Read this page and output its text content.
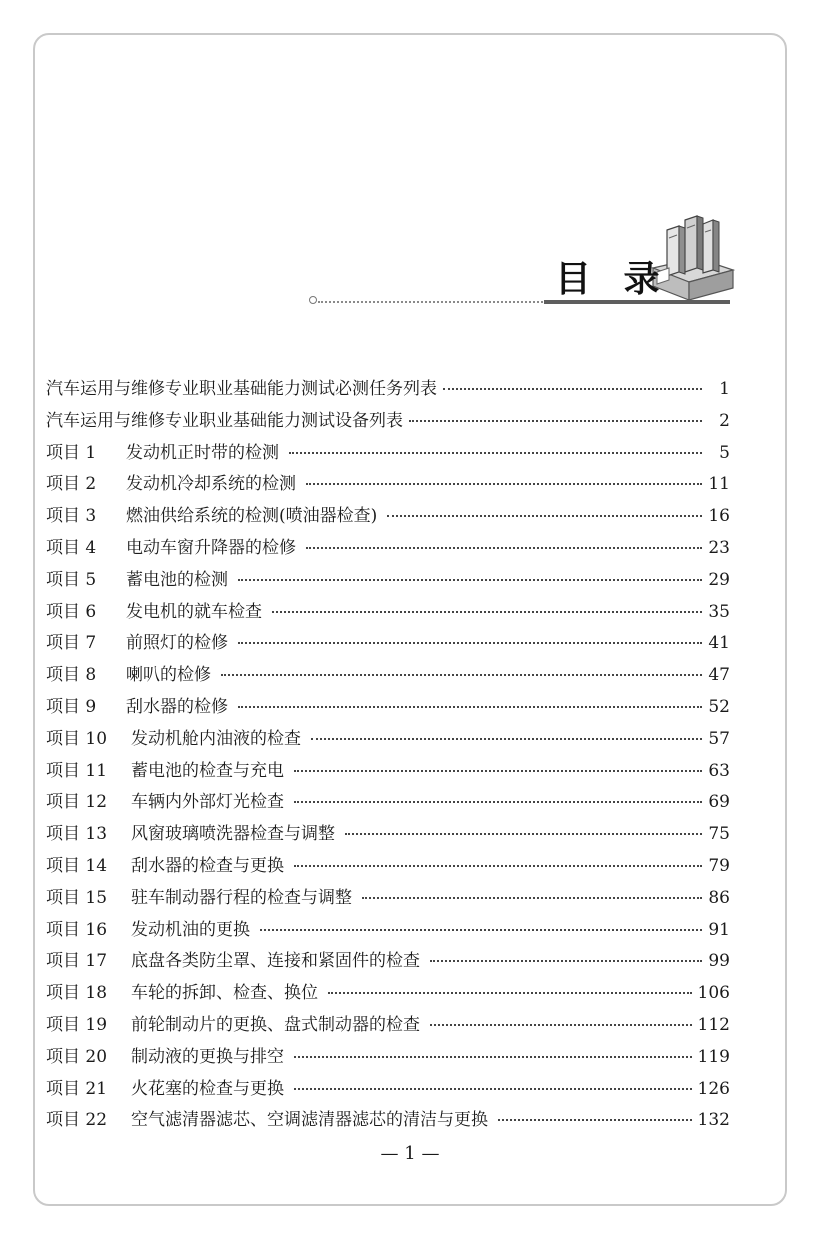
目 录
汽车运用与维修专业职业基础能力测试必测任务列表	1
汽车运用与维修专业职业基础能力测试设备列表	2
项目 1	发动机正时带的检测	5
项目 2	发动机冷却系统的检测	11
项目 3	燃油供给系统的检测(喷油器检查)	16
项目 4	电动车窗升降器的检修	23
项目 5	蓄电池的检测	29
项目 6	发电机的就车检查	35
项目 7	前照灯的检修	41
项目 8	喇叭的检修	47
项目 9	刮水器的检修	52
项目 10	发动机舱内油液的检查	57
项目 11	蓄电池的检查与充电	63
项目 12	车辆内外部灯光检查	69
项目 13	风窗玻璃喷洗器检查与调整	75
项目 14	刮水器的检查与更换	79
项目 15	驻车制动器行程的检查与调整	86
项目 16	发动机油的更换	91
项目 17	底盘各类防尘罩、连接和紧固件的检查	99
项目 18	车轮的拆卸、检查、换位	106
项目 19	前轮制动片的更换、盘式制动器的检查	112
项目 20	制动液的更换与排空	119
项目 21	火花塞的检查与更换	126
项目 22	空气滤清器滤芯、空调滤清器滤芯的清洁与更换	132
— 1 —
